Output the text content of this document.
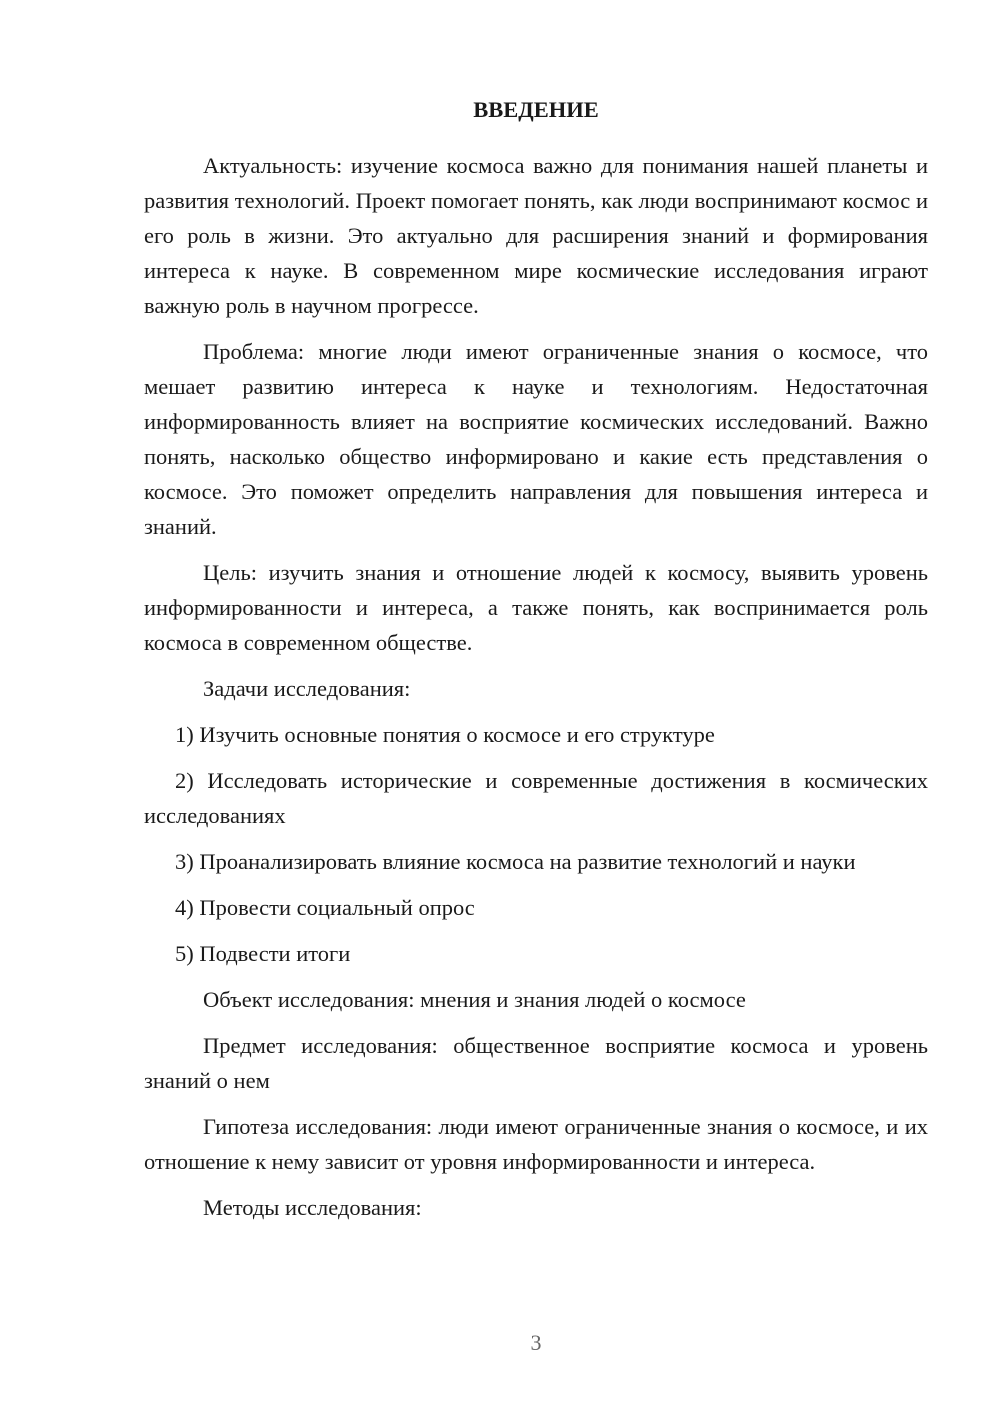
ВВЕДЕНИЕ

Актуальность: изучение космоса важно для понимания нашей планеты и развития технологий. Проект помогает понять, как люди воспринимают космос и его роль в жизни. Это актуально для расширения знаний и формирования интереса к науке. В современном мире космические исследования играют важную роль в научном прогрессе.

Проблема: многие люди имеют ограниченные знания о космосе, что мешает развитию интереса к науке и технологиям. Недостаточная информированность влияет на восприятие космических исследований. Важно понять, насколько общество информировано и какие есть представления о космосе. Это поможет определить направления для повышения интереса и знаний.

Цель: изучить знания и отношение людей к космосу, выявить уровень информированности и интереса, а также понять, как воспринимается роль космоса в современном обществе.

Задачи исследования:

1) Изучить основные понятия о космосе и его структуре

2) Исследовать исторические и современные достижения в космических исследованиях

3) Проанализировать влияние космоса на развитие технологий и науки

4) Провести социальный опрос

5) Подвести итоги

Объект исследования: мнения и знания людей о космосе

Предмет исследования: общественное восприятие космоса и уровень знаний о нем

Гипотеза исследования: люди имеют ограниченные знания о космосе, и их отношение к нему зависит от уровня информированности и интереса.

Методы исследования:

3
